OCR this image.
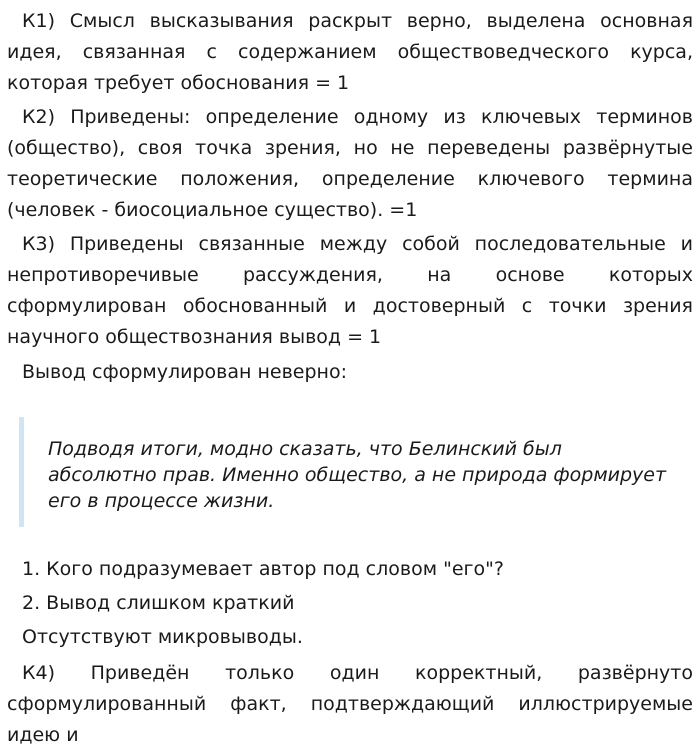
К1) Смысл высказывания раскрыт верно, выделена основная идея, связанная с содержанием обществоведческого курса, которая требует обоснования = 1

К2) Приведены: определение одному из ключевых терминов (общество), своя точка зрения, но не переведены развёрнутые теоретические положения, определение ключевого термина (человек - биосоциальное существо). =1

К3) Приведены связанные между собой последовательные и непротиворечивые рассуждения, на основе которых сформулирован обоснованный и достоверный с точки зрения научного обществознания вывод = 1

Вывод сформулирован неверно:

Подводя итоги, модно сказать, что Белинский был абсолютно прав. Именно общество, а не природа формирует его в процессе жизни.

1. Кого подразумевает автор под словом "его"?

2. Вывод слишком краткий

Отсутствуют микровыводы.

К4) Приведён только один корректный, развёрнуто сформулированный факт, подтверждающий иллюстрируемые идею и
